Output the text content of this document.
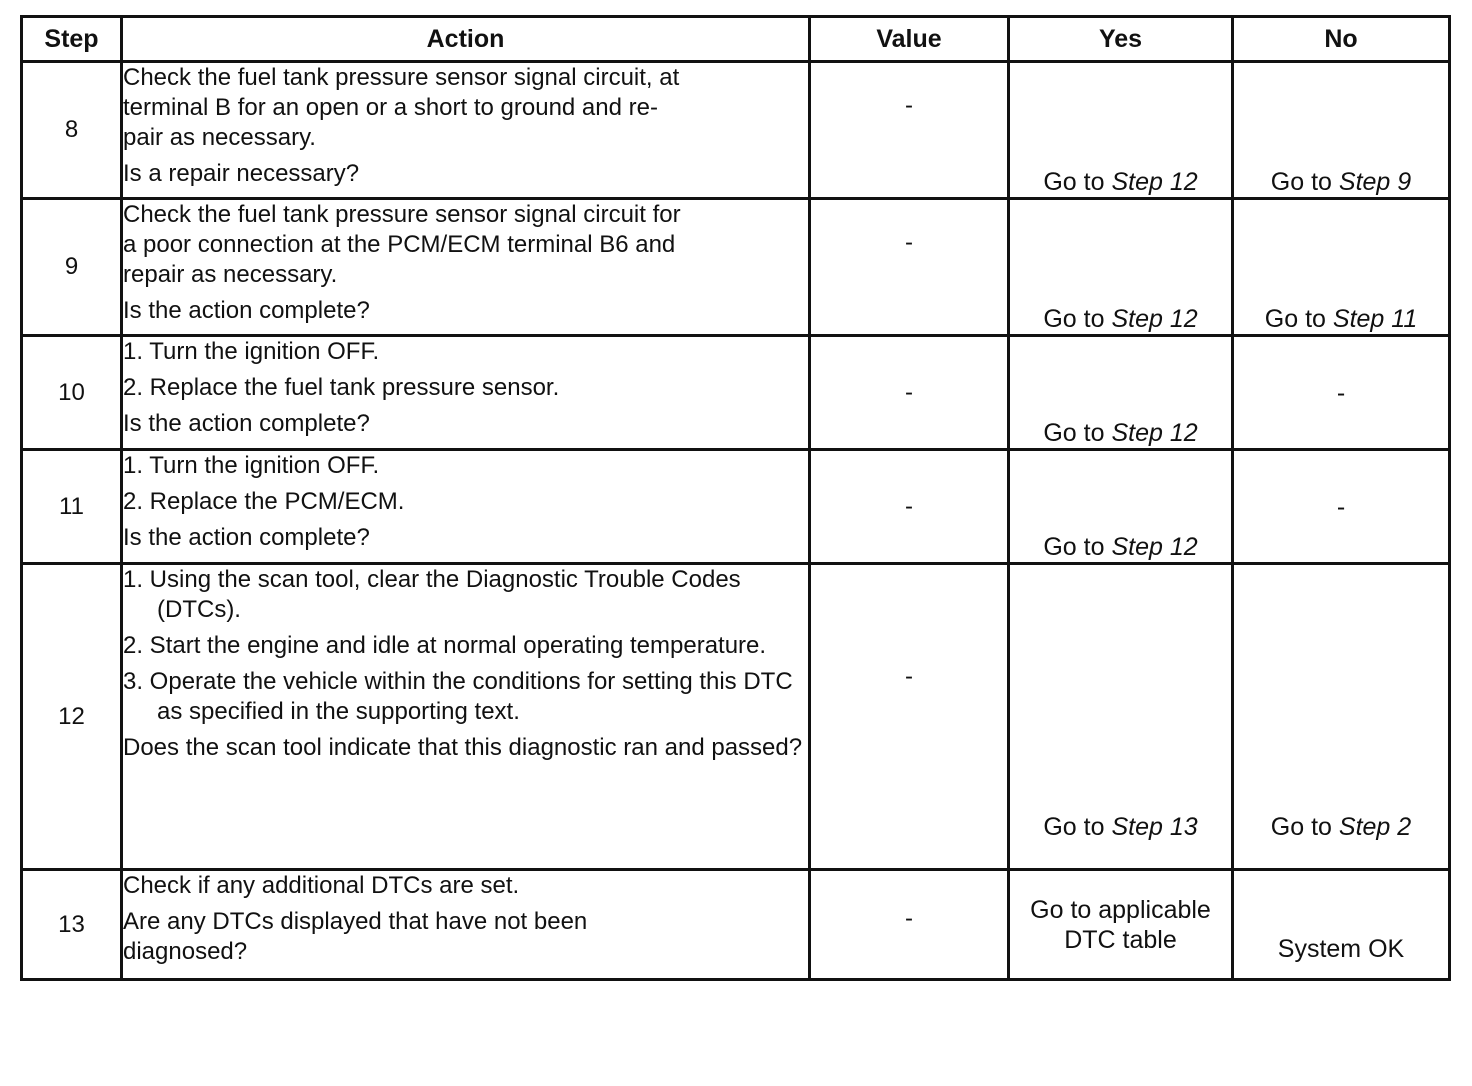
Step	Action	Value	Yes	No
8	Check the fuel tank pressure sensor signal circuit, at
terminal B for an open or a short to ground and re-
pair as necessary.
Is a repair necessary?	-	Go to Step 12	Go to Step 9
9	Check the fuel tank pressure sensor signal circuit for
a poor connection at the PCM/ECM terminal B6 and
repair as necessary.
Is the action complete?	-	Go to Step 12	Go to Step 11
10	1. Turn the ignition OFF.
2. Replace the fuel tank pressure sensor.
Is the action complete?	-	Go to Step 12	-
11	1. Turn the ignition OFF.
2. Replace the PCM/ECM.
Is the action complete?	-	Go to Step 12	-
12	1. Using the scan tool, clear the Diagnostic Trouble Codes (DTCs).
2. Start the engine and idle at normal operating temperature.
3. Operate the vehicle within the conditions for setting this DTC as specified in the supporting text.
Does the scan tool indicate that this diagnostic ran and passed?	-	Go to Step 13	Go to Step 2
13	Check if any additional DTCs are set.
Are any DTCs displayed that have not been diagnosed?	-	Go to applicable DTC table	System OK
